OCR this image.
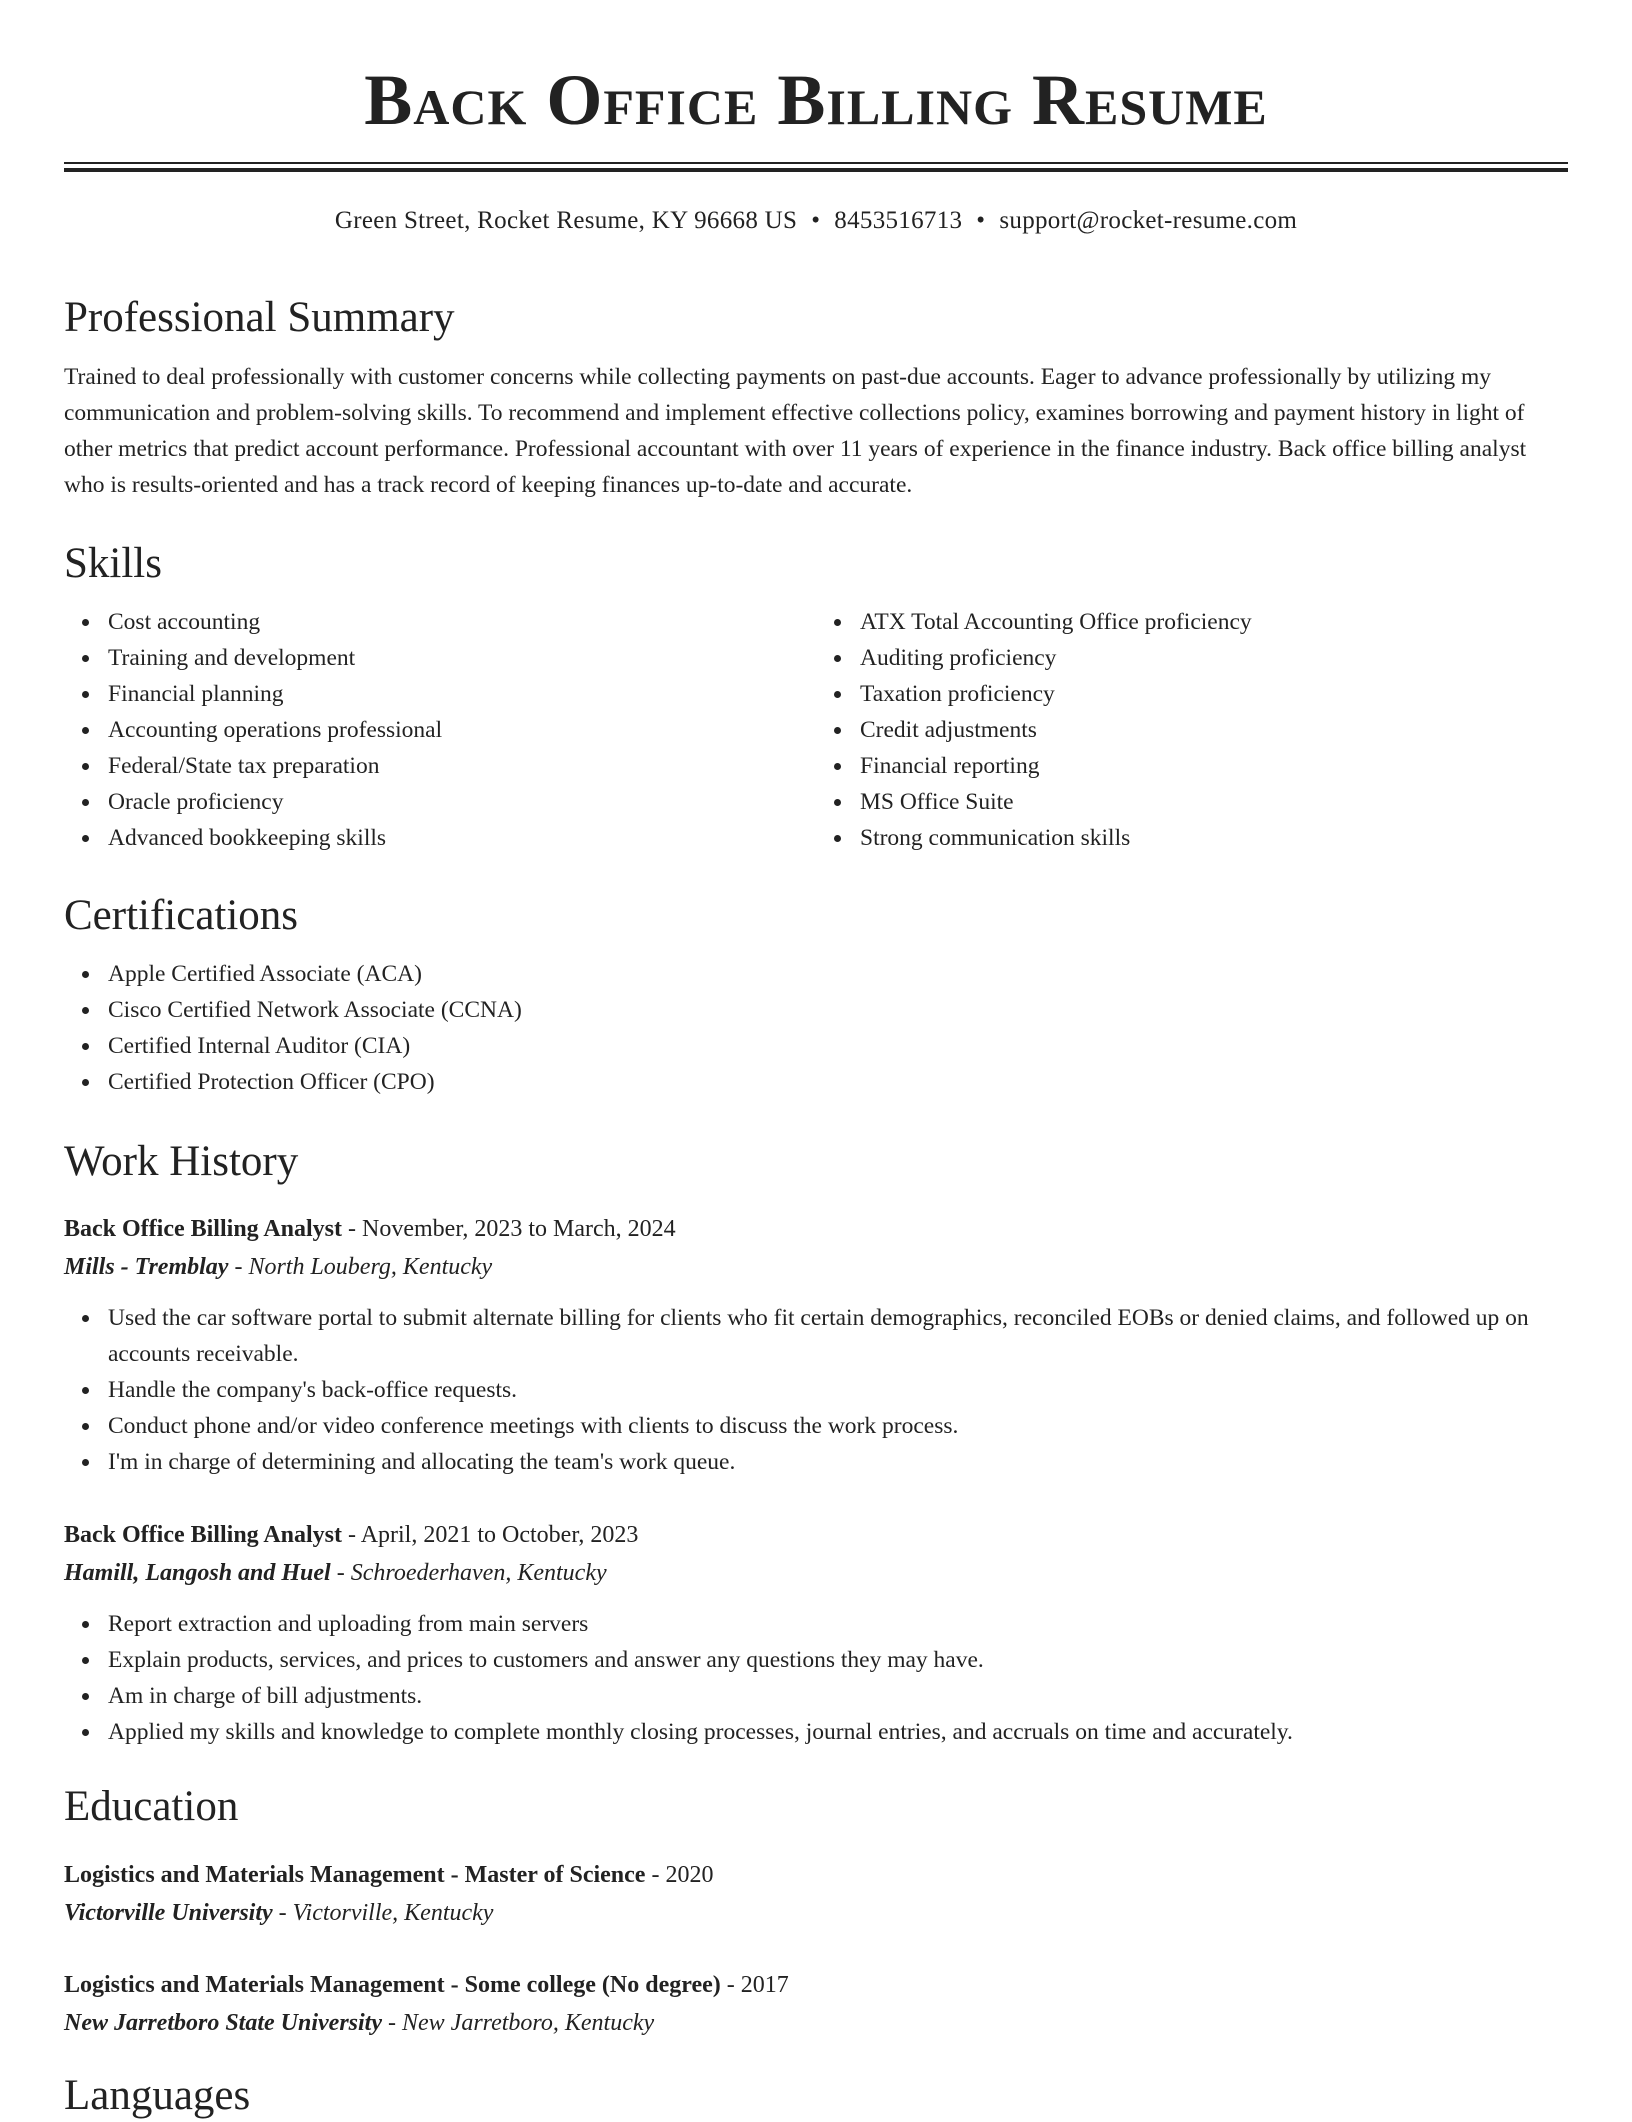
Back Office Billing Resume
Green Street, Rocket Resume, KY 96668 US • 8453516713 • support@rocket-resume.com
Professional Summary

Trained to deal professionally with customer concerns while collecting payments on past-due accounts. Eager to advance professionally by utilizing my communication and problem-solving skills. To recommend and implement effective collections policy, examines borrowing and payment history in light of other metrics that predict account performance. Professional accountant with over 11 years of experience in the finance industry. Back office billing analyst who is results-oriented and has a track record of keeping finances up-to-date and accurate.

Skills
Cost accounting
Training and development
Financial planning
Accounting operations professional
Federal/State tax preparation
Oracle proficiency
Advanced bookkeeping skills
ATX Total Accounting Office proficiency
Auditing proficiency
Taxation proficiency
Credit adjustments
Financial reporting
MS Office Suite
Strong communication skills
Certifications
Apple Certified Associate (ACA)
Cisco Certified Network Associate (CCNA)
Certified Internal Auditor (CIA)
Certified Protection Officer (CPO)
Work History

Back Office Billing Analyst - November, 2023 to March, 2024

Mills - Tremblay - North Louberg, Kentucky

Used the car software portal to submit alternate billing for clients who fit certain demographics, reconciled EOBs or denied claims, and followed up on accounts receivable.
Handle the company's back-office requests.
Conduct phone and/or video conference meetings with clients to discuss the work process.
I'm in charge of determining and allocating the team's work queue.

Back Office Billing Analyst - April, 2021 to October, 2023

Hamill, Langosh and Huel - Schroederhaven, Kentucky

Report extraction and uploading from main servers
Explain products, services, and prices to customers and answer any questions they may have.
Am in charge of bill adjustments.
Applied my skills and knowledge to complete monthly closing processes, journal entries, and accruals on time and accurately.
Education

Logistics and Materials Management - Master of Science - 2020

Victorville University - Victorville, Kentucky

Logistics and Materials Management - Some college (No degree) - 2017

New Jarretboro State University - New Jarretboro, Kentucky

Languages
